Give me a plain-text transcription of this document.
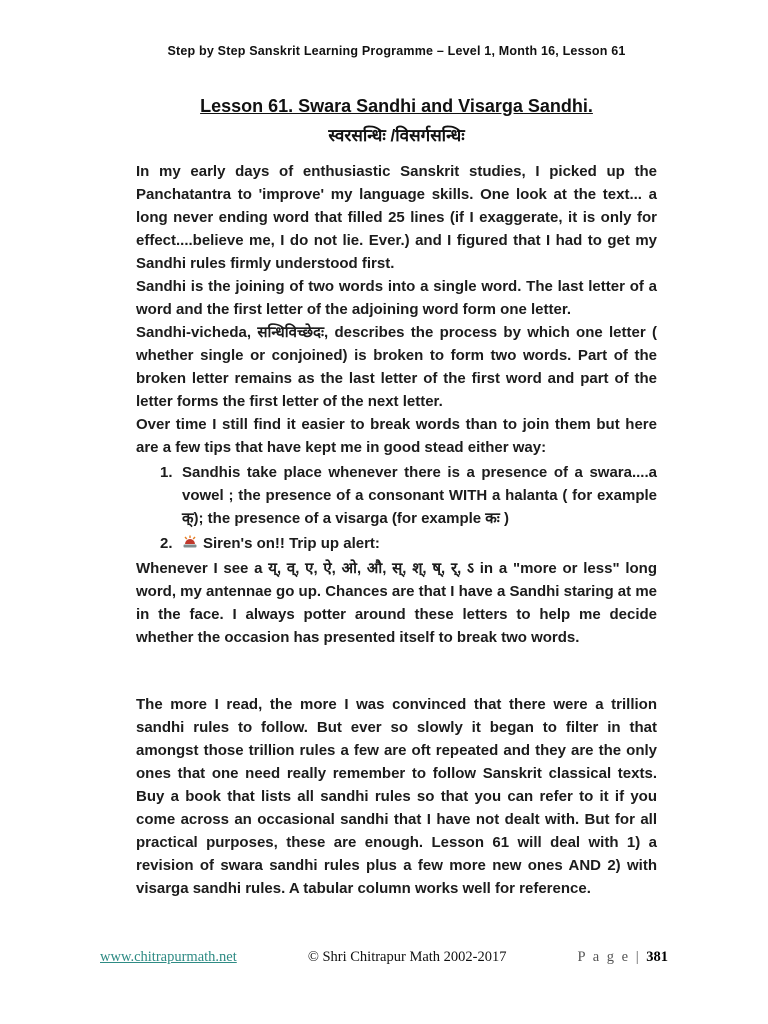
Step by Step Sanskrit Learning Programme – Level 1, Month 16, Lesson 61
Lesson 61. Swara Sandhi and Visarga Sandhi.
स्वरसन्धिः /विसर्गसन्धिः

In my early days of enthusiastic Sanskrit studies, I picked up the Panchatantra to 'improve' my language skills. One look at the text... a long never ending word that filled 25 lines (if I exaggerate, it is only for effect....believe me, I do not lie. Ever.) and I figured that I had to get my Sandhi rules firmly understood first.

Sandhi is the joining of two words into a single word. The last letter of a word and the first letter of the adjoining word form one letter.

Sandhi-vicheda, सन्धिविच्छेदः, describes the process by which one letter ( whether single or conjoined) is broken to form two words. Part of the broken letter remains as the last letter of the first word and part of the letter forms the first letter of the next letter.

Over time I still find it easier to break words than to join them but here are a few tips that have kept me in good stead either way:

1. Sandhis take place whenever there is a presence of a swara....a vowel ; the presence of a consonant WITH a halanta ( for example क्); the presence of a visarga (for example कः )
2.	Siren's on!! Trip up alert:

Whenever I see a य्, व्, ए, ऐ, ओ, औ, स्, श्, ष्, र्, ऽ in a "more or less" long word, my antennae go up. Chances are that I have a Sandhi staring at me in the face. I always potter around these letters to help me decide whether the occasion has presented itself to break two words.

The more I read, the more I was convinced that there were a trillion sandhi rules to follow. But ever so slowly it began to filter in that amongst those trillion rules a few are oft repeated and they are the only ones that one need really remember to follow Sanskrit classical texts. Buy a book that lists all sandhi rules so that you can refer to it if you come across an occasional sandhi that I have not dealt with. But for all practical purposes, these are enough. Lesson 61 will deal with 1) a revision of swara sandhi rules plus a few more new ones AND 2) with visarga sandhi rules. A tabular column works well for reference.

www.chitrapurmath.net	© Shri Chitrapur Math 2002-2017	P a g e | 381
